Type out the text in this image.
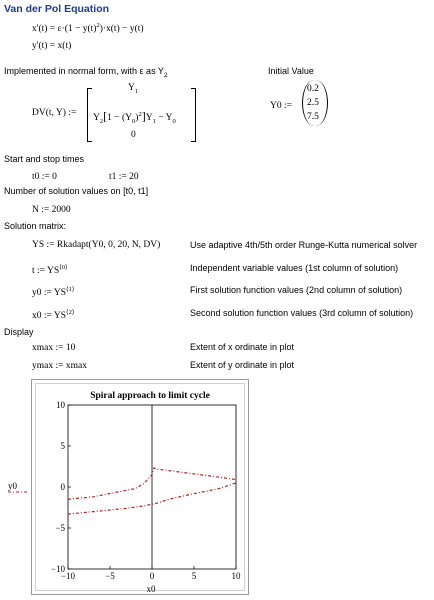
Van der Pol Equation
$x'(t) = \varepsilon\cdot(1 - y(t)^2)\cdot x(t) - y(t)$
y'(t) = x(t)
Implemented in normal form, with ε as $Y_2$	Initial Value
DV(t, Y) :=
$Y_1$
$Y_2[1 - (Y_0)^2]Y_1 - Y_0$
0
Y0 :=
0.2
2.5
7.5
Start and stop times
t0 := 0	t1 := 20
Number of solution values on [t0, t1]
N := 2000
Solution matrix:
YS := Rkadapt(Y0, 0, 20, N, DV)	Use adaptive 4th/5th order Runge-Kutta numerical solver
t := $YS^{⟨0⟩}$	Independent variable values (1st column of solution)
y0 := $YS^{⟨1⟩}$	First solution function values (2nd column of solution)
x0 := $YS^{⟨2⟩}$	Second solution function values (3rd column of solution)
Display
xmax := 10	Extent of x ordinate in plot
ymax := xmax	Extent of y ordinate in plot
Spiral approach to limit cycle
−10	−5	0	5	10
10
5
0
−5
−10
x0
y0
